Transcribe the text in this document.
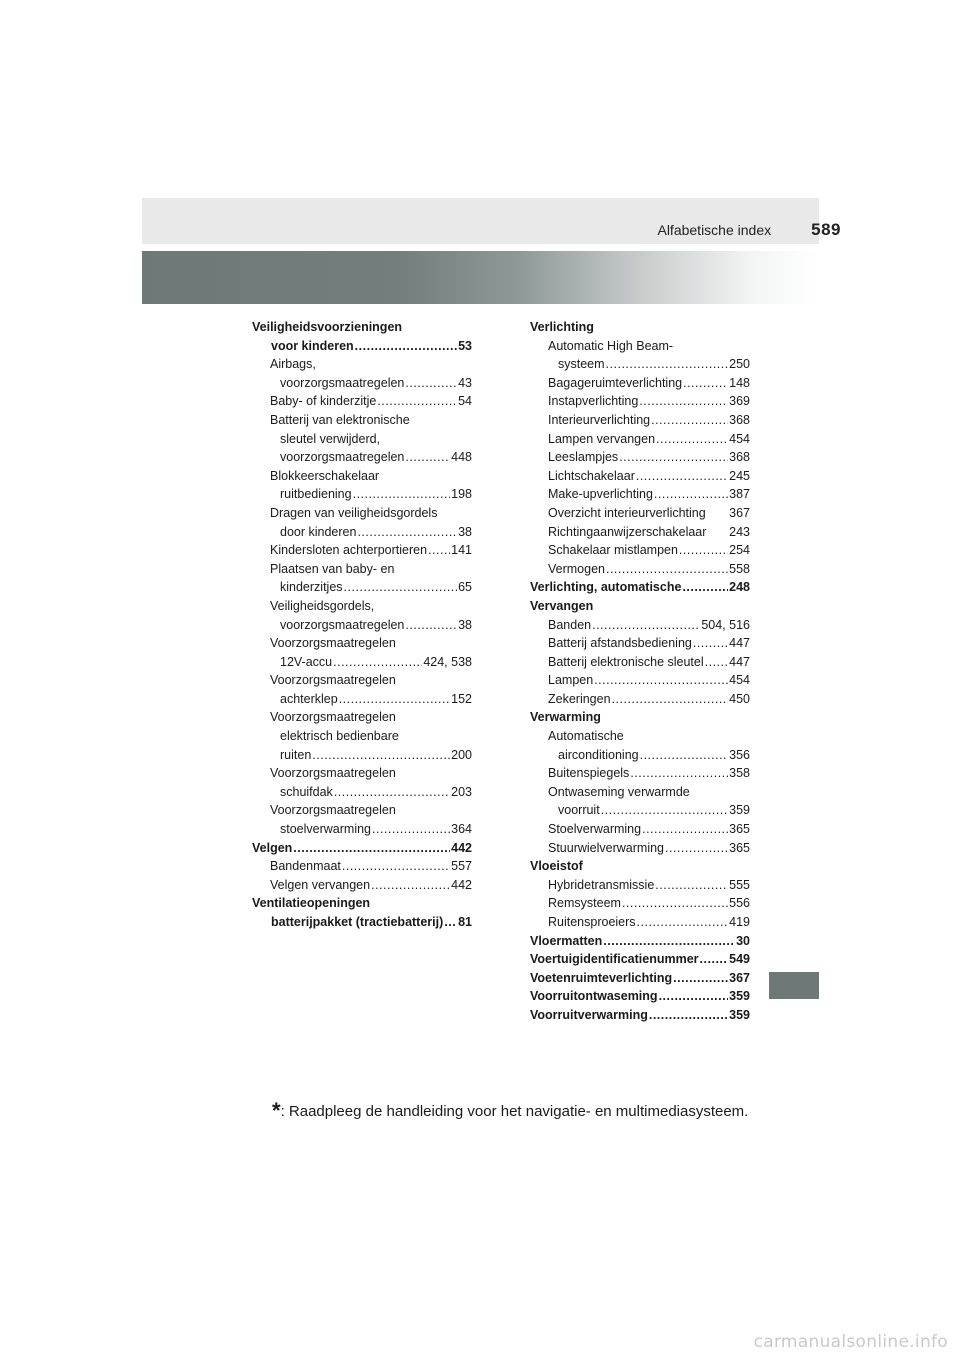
Alfabetische index 589
Veiligheidsvoorzieningen
voor kinderen .....	53
Airbags,
voorzorgsmaatregelen .....	43
Baby- of kinderzitje .....	54
Batterij van elektronische
sleutel verwijderd,
voorzorgsmaatregelen .....	448
Blokkeerschakelaar
ruitbediening .....	198
Dragen van veiligheidsgordels
door kinderen .....	38
Kindersloten achterportieren ..... 141
Plaatsen van baby- en
kinderzitjes .....	65
Veiligheidsgordels,
voorzorgsmaatregelen .....	38
Voorzorgsmaatregelen
12V-accu .....	424, 538
Voorzorgsmaatregelen
achterklep .....	152
Voorzorgsmaatregelen
elektrisch bedienbare
ruiten .....	200
Voorzorgsmaatregelen
schuifdak .....	203
Voorzorgsmaatregelen
stoelverwarming .....	364
Velgen .....	442
Bandenmaat .....	557
Velgen vervangen .....	442
Ventilatieopeningen
batterijpakket (tractiebatterij) ..... 81
Verlichting
Automatic High Beam-
systeem .....	250
Bagageruimteverlichting .....	148
Instapverlichting .....	369
Interieurverlichting .....	368
Lampen vervangen .....	454
Leeslampjes .....	368
Lichtschakelaar .....	245
Make-upverlichting .....	387
Overzicht interieurverlichting 367
Richtingaanwijzerschakelaar 243
Schakelaar mistlampen .....	254
Vermogen .....	558
Verlichting, automatische .....	248
Vervangen
Banden .....	504, 516
Batterij afstandsbediening .....	447
Batterij elektronische sleutel ..... 447
Lampen .....	454
Zekeringen .....	450
Verwarming
Automatische
airconditioning .....	356
Buitenspiegels .....	358
Ontwaseming verwarmde
voorruit .....	359
Stoelverwarming .....	365
Stuurwielverwarming .....	365
Vloeistof
Hybridetransmissie .....	555
Remsysteem .....	556
Ruitensproeiers .....	419
Vloermatten .....	30
Voertuigidentificatienummer ..... 549
Voetenruimteverlichting .....	367
Voorruitontwaseming .....	359
Voorruitverwarming .....	359
*: Raadpleeg de handleiding voor het navigatie- en multimediasysteem.
carmanualsonline.info
